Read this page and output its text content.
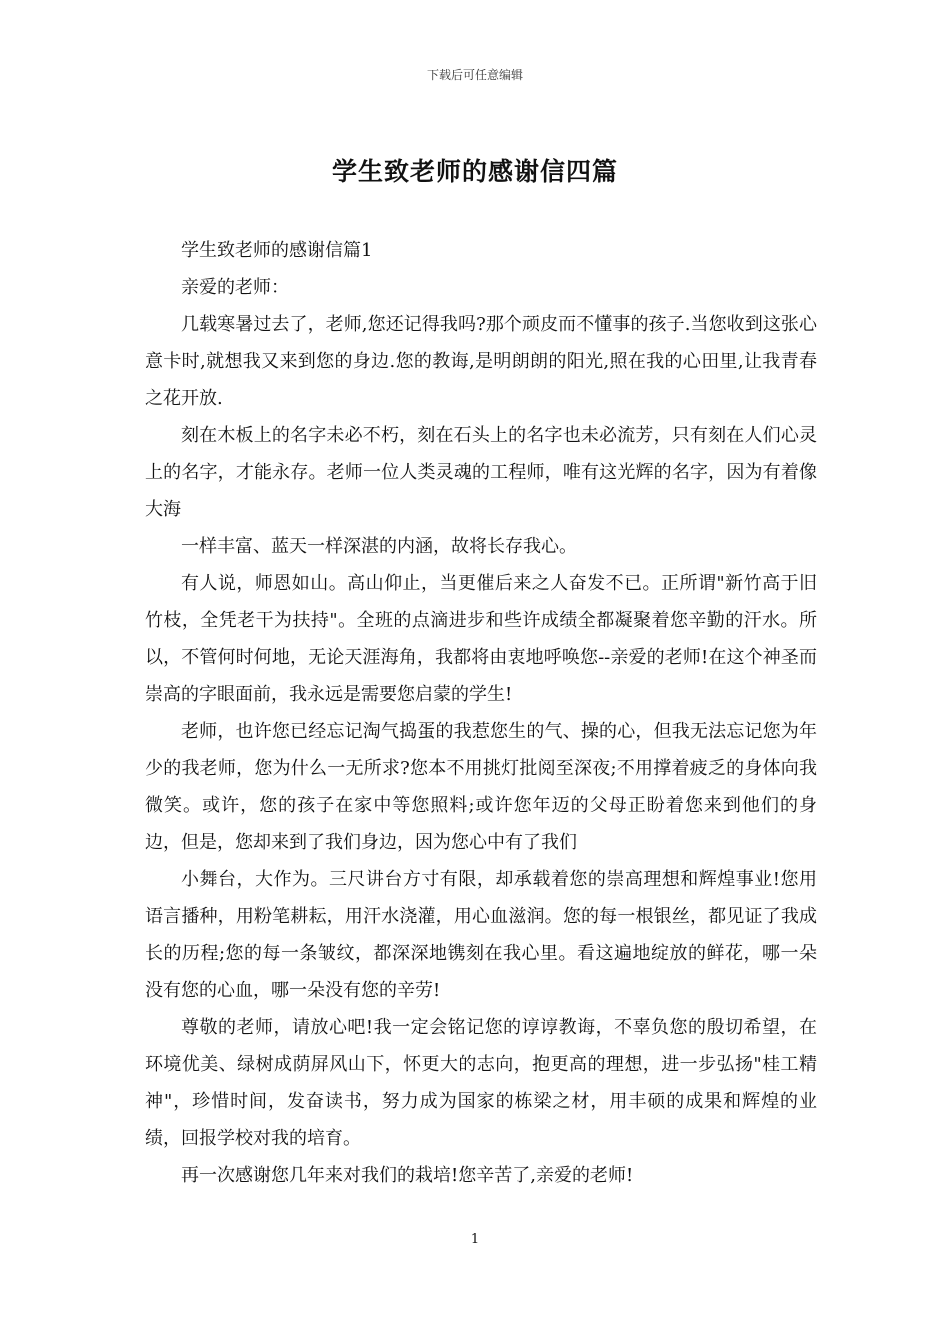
下载后可任意编辑
学生致老师的感谢信四篇

学生致老师的感谢信篇1

亲爱的老师：

几载寒暑过去了，老师,您还记得我吗?那个顽皮而不懂事的孩子.当您收到这张心意卡时,就想我又来到您的身边.您的教诲,是明朗朗的阳光,照在我的心田里,让我青春之花开放.

刻在木板上的名字未必不朽，刻在石头上的名字也未必流芳，只有刻在人们心灵上的名字，才能永存。老师一位人类灵魂的工程师，唯有这光辉的名字，因为有着像大海

一样丰富、蓝天一样深湛的内涵，故将长存我心。

有人说，师恩如山。高山仰止，当更催后来之人奋发不已。正所谓"新竹高于旧竹枝，全凭老干为扶持"。全班的点滴进步和些许成绩全都凝聚着您辛勤的汗水。所以，不管何时何地，无论天涯海角，我都将由衷地呼唤您--亲爱的老师!在这个神圣而崇高的字眼面前，我永远是需要您启蒙的学生!

老师，也许您已经忘记淘气捣蛋的我惹您生的气、操的心，但我无法忘记您为年少的我老师，您为什么一无所求?您本不用挑灯批阅至深夜;不用撑着疲乏的身体向我微笑。或许，您的孩子在家中等您照料;或许您年迈的父母正盼着您来到他们的身边，但是，您却来到了我们身边，因为您心中有了我们

小舞台，大作为。三尺讲台方寸有限，却承载着您的崇高理想和辉煌事业!您用语言播种，用粉笔耕耘，用汗水浇灌，用心血滋润。您的每一根银丝，都见证了我成长的历程;您的每一条皱纹，都深深地镌刻在我心里。看这遍地绽放的鲜花，哪一朵没有您的心血，哪一朵没有您的辛劳!

尊敬的老师，请放心吧!我一定会铭记您的谆谆教诲，不辜负您的殷切希望，在环境优美、绿树成荫屏风山下，怀更大的志向，抱更高的理想，进一步弘扬"桂工精神"，珍惜时间，发奋读书，努力成为国家的栋梁之材，用丰硕的成果和辉煌的业绩，回报学校对我的培育。

再一次感谢您几年来对我们的栽培!您辛苦了,亲爱的老师!

1
